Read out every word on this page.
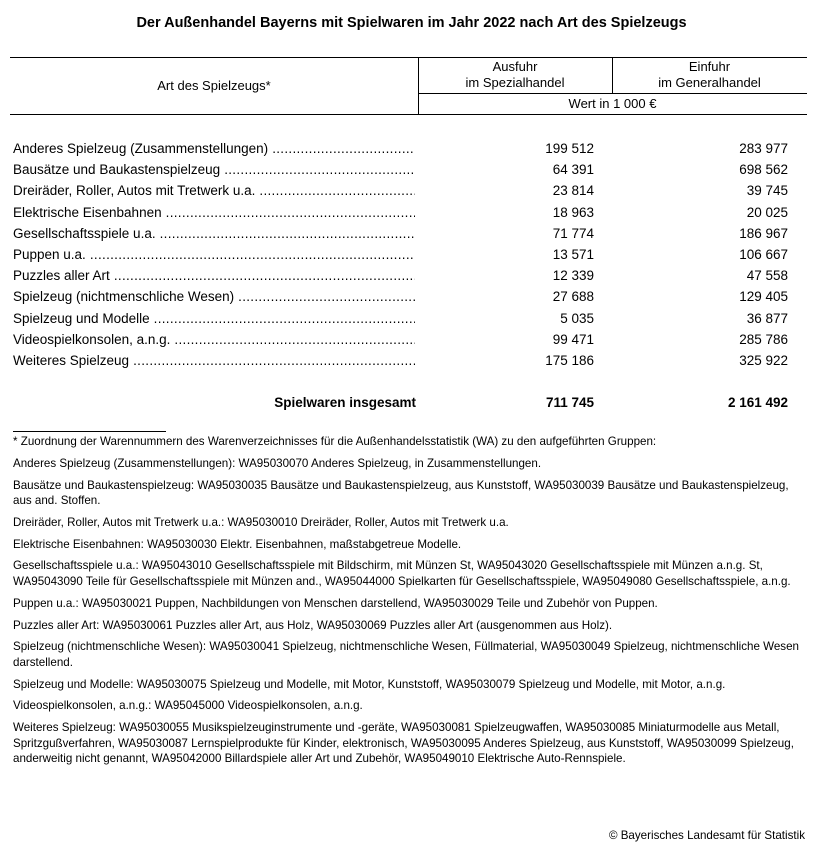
Der Außenhandel Bayerns mit Spielwaren im Jahr 2022 nach Art des Spielzeugs
Art des Spielzeugs*
Ausfuhr
im Spezialhandel
Einfuhr
im Generalhandel
Wert in 1 000 €
Anderes Spielzeug (Zusammenstellungen) .....	199 512	283 977
Bausätze und Baukastenspielzeug .....	64 391	698 562
Dreiräder, Roller, Autos mit Tretwerk u.a. .....	23 814	39 745
Elektrische Eisenbahnen .....	18 963	20 025
Gesellschaftsspiele u.a. .....	71 774	186 967
Puppen u.a. .....	13 571	106 667
Puzzles aller Art .....	12 339	47 558
Spielzeug (nichtmenschliche Wesen) .....	27 688	129 405
Spielzeug und Modelle .....	5 035	36 877
Videospielkonsolen, a.n.g. .....	99 471	285 786
Weiteres Spielzeug .....	175 186	325 922
Spielwaren insgesamt	711 745	2 161 492

* Zuordnung der Warennummern des Warenverzeichnisses für die Außenhandelsstatistik (WA) zu den aufgeführten Gruppen:

Anderes Spielzeug (Zusammenstellungen): WA95030070 Anderes Spielzeug, in Zusammenstellungen.

Bausätze und Baukastenspielzeug: WA95030035 Bausätze und Baukastenspielzeug, aus Kunststoff, WA95030039 Bausätze und Baukastenspielzeug, aus and. Stoffen.

Dreiräder, Roller, Autos mit Tretwerk u.a.: WA95030010 Dreiräder, Roller, Autos mit Tretwerk u.a.

Elektrische Eisenbahnen: WA95030030 Elektr. Eisenbahnen, maßstabgetreue Modelle.

Gesellschaftsspiele u.a.: WA95043010 Gesellschaftsspiele mit Bildschirm, mit Münzen St, WA95043020 Gesellschaftsspiele mit Münzen a.n.g. St, WA95043090 Teile für Gesellschaftsspiele mit Münzen and., WA95044000 Spielkarten für Gesellschaftsspiele, WA95049080 Gesellschaftsspiele, a.n.g.

Puppen u.a.: WA95030021 Puppen, Nachbildungen von Menschen darstellend, WA95030029 Teile und Zubehör von Puppen.

Puzzles aller Art: WA95030061 Puzzles aller Art, aus Holz, WA95030069 Puzzles aller Art (ausgenommen aus Holz).

Spielzeug (nichtmenschliche Wesen): WA95030041 Spielzeug, nichtmenschliche Wesen, Füllmaterial, WA95030049 Spielzeug, nichtmenschliche Wesen darstellend.

Spielzeug und Modelle: WA95030075 Spielzeug und Modelle, mit Motor, Kunststoff, WA95030079 Spielzeug und Modelle, mit Motor, a.n.g.

Videospielkonsolen, a.n.g.: WA95045000 Videospielkonsolen, a.n.g.

Weiteres Spielzeug: WA95030055 Musikspielzeuginstrumente und -geräte, WA95030081 Spielzeugwaffen, WA95030085 Miniaturmodelle aus Metall, Spritzgußverfahren, WA95030087 Lernspielprodukte für Kinder, elektronisch, WA95030095 Anderes Spielzeug, aus Kunststoff, WA95030099 Spielzeug, anderweitig nicht genannt, WA95042000 Billardspiele aller Art und Zubehör, WA95049010 Elektrische Auto-Rennspiele.

© Bayerisches Landesamt für Statistik
